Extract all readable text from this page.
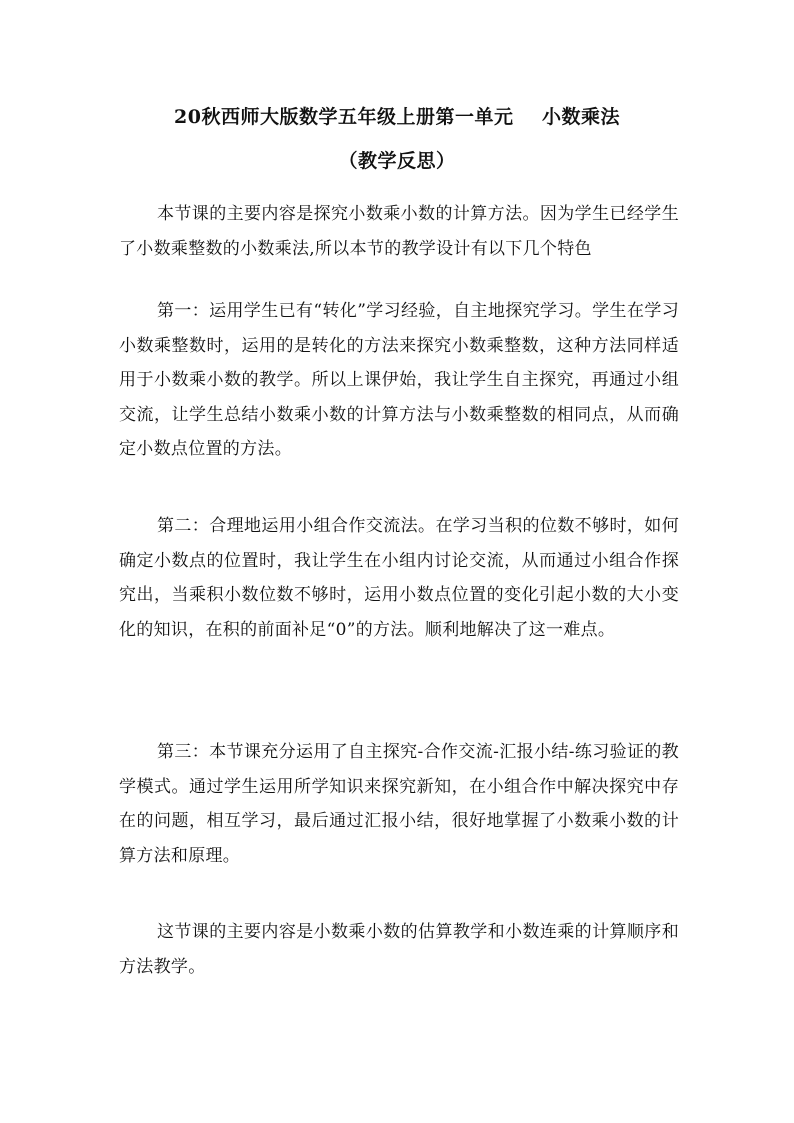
20秋西师大版数学五年级上册第一单元    小数乘法
（教学反思）

本节课的主要内容是探究小数乘小数的计算方法。因为学生已经学生了小数乘整数的小数乘法,所以本节的教学设计有以下几个特色

第一：运用学生已有“转化”学习经验，自主地探究学习。学生在学习小数乘整数时，运用的是转化的方法来探究小数乘整数，这种方法同样适用于小数乘小数的教学。所以上课伊始，我让学生自主探究，再通过小组交流，让学生总结小数乘小数的计算方法与小数乘整数的相同点，从而确定小数点位置的方法。

第二：合理地运用小组合作交流法。在学习当积的位数不够时，如何确定小数点的位置时，我让学生在小组内讨论交流，从而通过小组合作探究出，当乘积小数位数不够时，运用小数点位置的变化引起小数的大小变化的知识，在积的前面补足“0”的方法。顺利地解决了这一难点。

第三：本节课充分运用了自主探究-合作交流-汇报小结-练习验证的教学模式。通过学生运用所学知识来探究新知，在小组合作中解决探究中存在的问题，相互学习，最后通过汇报小结，很好地掌握了小数乘小数的计算方法和原理。

这节课的主要内容是小数乘小数的估算教学和小数连乘的计算顺序和方法教学。
